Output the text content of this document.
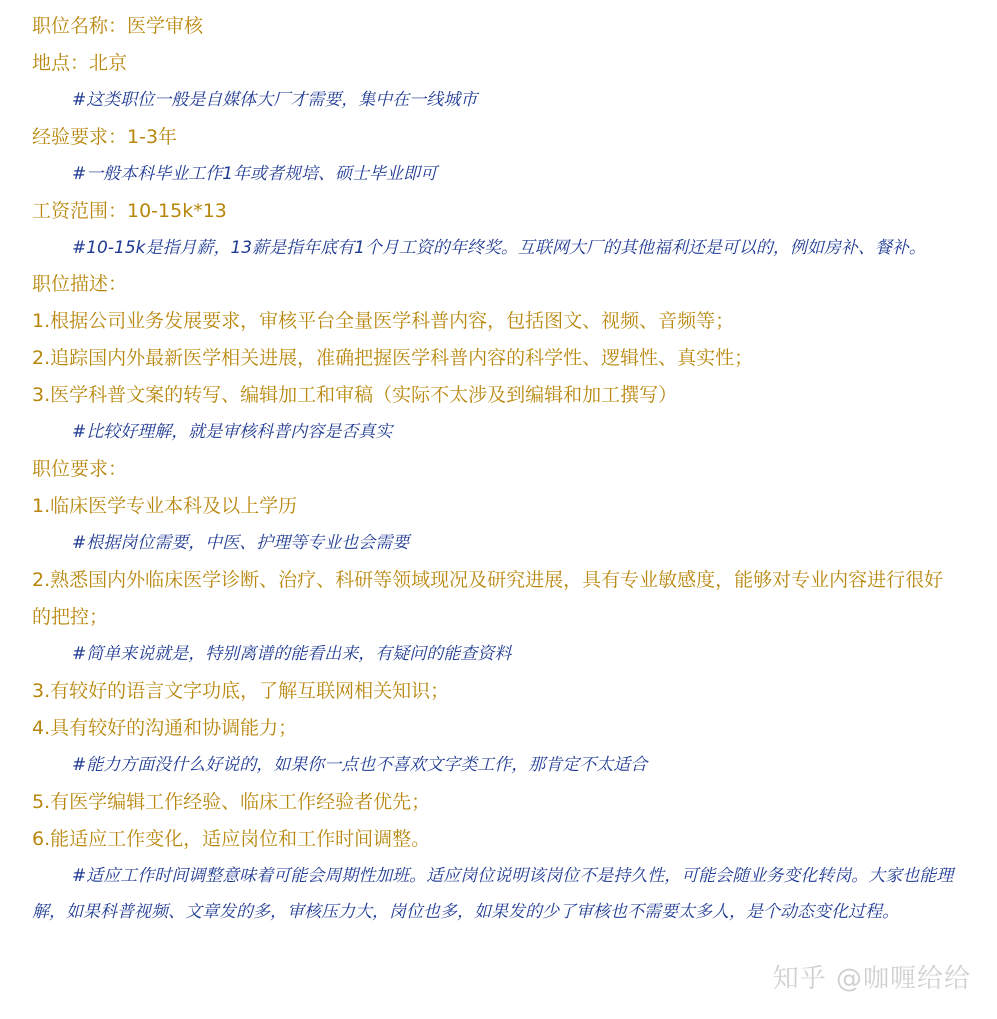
职位名称：医学审核
地点：北京
#这类职位一般是自媒体大厂才需要，集中在一线城市
经验要求：1-3年
#一般本科毕业工作1年或者规培、硕士毕业即可
工资范围：10-15k*13
#10-15k是指月薪，13薪是指年底有1个月工资的年终奖。互联网大厂的其他福利还是可以的，例如房补、餐补。
职位描述：
1.根据公司业务发展要求，审核平台全量医学科普内容，包括图文、视频、音频等；
2.追踪国内外最新医学相关进展，准确把握医学科普内容的科学性、逻辑性、真实性；
3.医学科普文案的转写、编辑加工和审稿（实际不太涉及到编辑和加工撰写）
#比较好理解，就是审核科普内容是否真实
职位要求：
1.临床医学专业本科及以上学历
#根据岗位需要，中医、护理等专业也会需要
2.熟悉国内外临床医学诊断、治疗、科研等领域现况及研究进展，具有专业敏感度，能够对专业内容进行很好的把控；
#简单来说就是，特别离谱的能看出来，有疑问的能查资料
3.有较好的语言文字功底，了解互联网相关知识；
4.具有较好的沟通和协调能力；
#能力方面没什么好说的，如果你一点也不喜欢文字类工作，那肯定不太适合
5.有医学编辑工作经验、临床工作经验者优先；
6.能适应工作变化，适应岗位和工作时间调整。
#适应工作时间调整意味着可能会周期性加班。适应岗位说明该岗位不是持久性，可能会随业务变化转岗。大家也能理解，如果科普视频、文章发的多，审核压力大，岗位也多，如果发的少了审核也不需要太多人，是个动态变化过程。
知乎 @咖喱给给
